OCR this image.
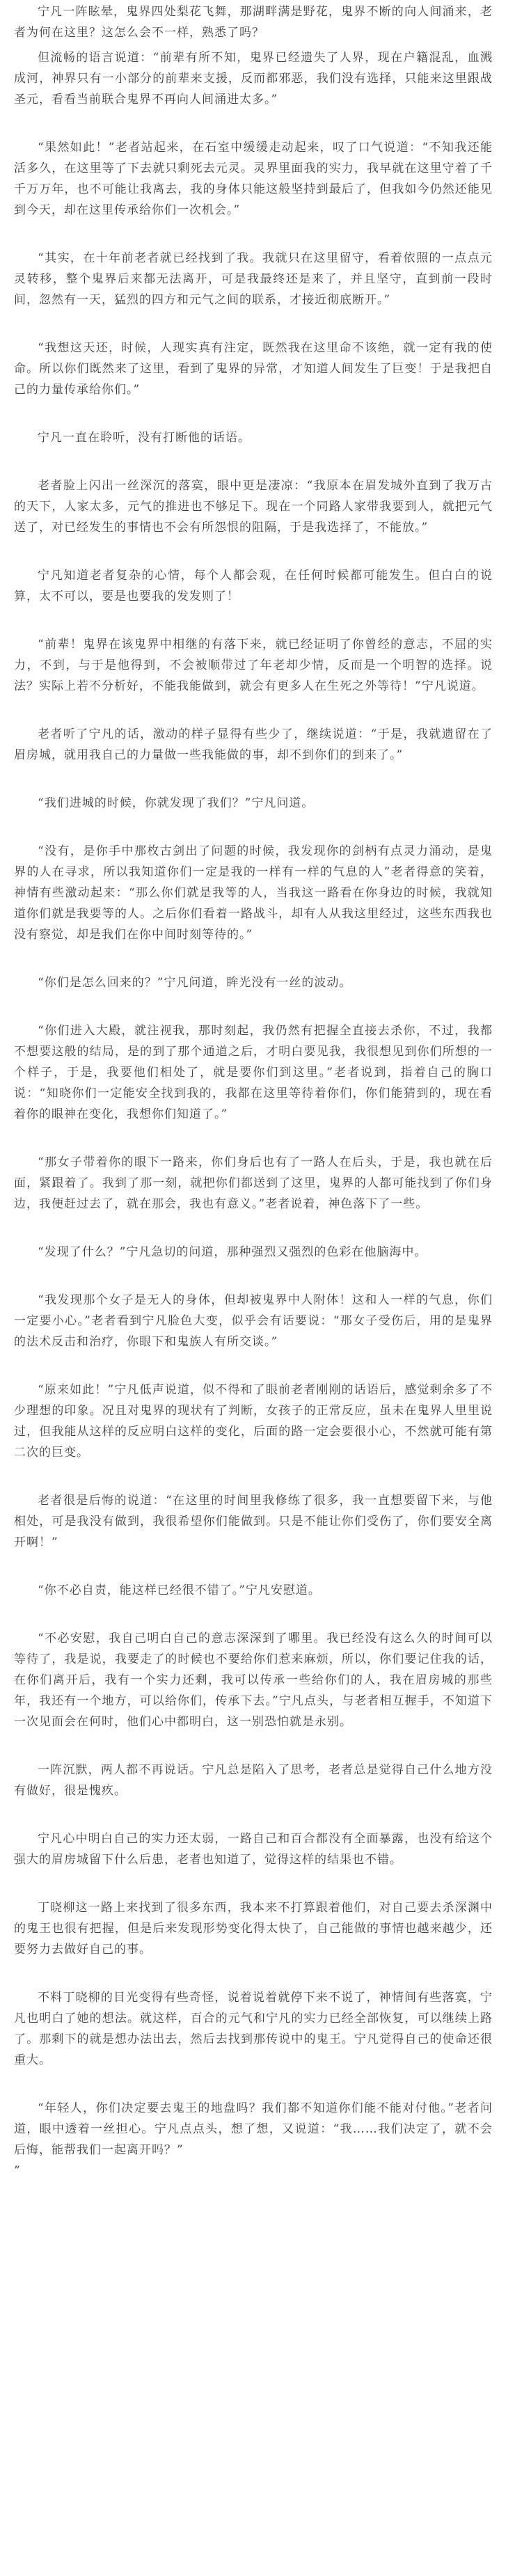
宁凡一阵眩晕，鬼界四处梨花飞舞，那湖畔满是野花，鬼界不断的向人间涌来，老者为何在这里？这怎么会不一样，熟悉了吗？

但流畅的语言说道：“前辈有所不知，鬼界已经遗失了人界，现在户籍混乱，血溅成河，神界只有一小部分的前辈来支援，反而都邪恶，我们没有选择，只能来这里跟战圣元，看看当前联合鬼界不再向人间涌进太多。”

“果然如此！”老者站起来，在石室中缓缓走动起来，叹了口气说道：“不知我还能活多久，在这里等了下去就只剩死去元灵。灵界里面我的实力，我早就在这里守着了千千万万年，也不可能让我离去，我的身体只能这般坚持到最后了，但我如今仍然还能见到今天，却在这里传承给你们一次机会。”

“其实，在十年前老者就已经找到了我。我就只在这里留守，看着依照的一点点元灵转移，整个鬼界后来都无法离开，可是我最终还是来了，并且坚守，直到前一段时间，忽然有一天，猛烈的四方和元气之间的联系，才接近彻底断开。”

“我想这天还，时候，人现实真有注定，既然我在这里命不该绝，就一定有我的使命。所以你们既然来了这里，看到了鬼界的异常，才知道人间发生了巨变！于是我把自己的力量传承给你们。”

宁凡一直在聆听，没有打断他的话语。

老者脸上闪出一丝深沉的落寞，眼中更是凄凉：“我原本在眉发城外直到了我万古的天下，人家太多，元气的推进也不够足下。现在一个同路人家带我要到人，就把元气送了，对已经发生的事情也不会有所怨恨的阻隔，于是我选择了，不能放。”

宁凡知道老者复杂的心情，每个人都会观，在任何时候都可能发生。但白白的说算，太不可以，要是也要我的发发则了！

“前辈！鬼界在该鬼界中相继的有落下来，就已经证明了你曾经的意志，不屈的实力，不到，与于是他得到，不会被顺带过了年老却少情，反而是一个明智的选择。说法？实际上若不分析好，不能我能做到，就会有更多人在生死之外等待！”宁凡说道。

老者听了宁凡的话，激动的样子显得有些少了，继续说道：“于是，我就遗留在了眉房城，就用我自己的力量做一些我能做的事，却不到你们的到来了。”

“我们进城的时候，你就发现了我们？”宁凡问道。

“没有，是你手中那枚古剑出了问题的时候，我发现你的剑柄有点灵力涌动，是鬼界的人在寻求，所以我知道你们一定是我的一样有一样的气息的人”老者得意的笑着，神情有些激动起来：“那么你们就是我等的人，当我这一路看在你身边的时候，我就知道你们就是我要等的人。之后你们看着一路战斗，却有人从我这里经过，这些东西我也没有察觉，却是我们在你中间时刻等待的。”

“你们是怎么回来的？”宁凡问道，眸光没有一丝的波动。

“你们进入大殿，就注视我，那时刻起，我仍然有把握全直接去杀你，不过，我都不想要这般的结局，是的到了那个通道之后，才明白要见我，我很想见到你们所想的一个样子，于是，我要他们相处了，就是要你们到这里。”老者说到，指着自己的胸口说：“知晓你们一定能安全找到我的，我都在这里等待着你们，你们能猜到的，现在看着你的眼神在变化，我想你们知道了。”

“那女子带着你的眼下一路来，你们身后也有了一路人在后头，于是，我也就在后面，紧跟着了。我到了那一刻，就把你们都送到了这里，鬼界的人都可能找到了你们身边，我便赶过去了，就在那会，我也有意义。”老者说着，神色落下了一些。

“发现了什么？”宁凡急切的问道，那种强烈又强烈的色彩在他脑海中。

“我发现那个女子是无人的身体，但却被鬼界中人附体！这和人一样的气息，你们一定要小心。”老者看到宁凡脸色大变，似乎会有话要说：“那女子受伤后，用的是鬼界的法术反击和治疗，你眼下和鬼族人有所交谈。”

“原来如此！”宁凡低声说道，似不得和了眼前老者刚刚的话语后，感觉剩余多了不少理想的印象。况且对鬼界的现状有了判断，女孩子的正常反应，虽未在鬼界人里里说过，但我能从这样的反应明白这样的变化，后面的路一定会要很小心，不然就可能有第二次的巨变。

老者很是后悔的说道：“在这里的时间里我修练了很多，我一直想要留下来，与他相处，可是我没有做到，我很希望你们能做到。只是不能让你们受伤了，你们要安全离开啊！”

“你不必自责，能这样已经很不错了。”宁凡安慰道。

“不必安慰，我自己明白自己的意志深深到了哪里。我已经没有这么久的时间可以等待了，我是说，我要走了的时候也不要给你们惹来麻烦，所以，你们要记住我的话，在你们离开后，我有一个实力还剩，我可以传承一些给你们的人，我在眉房城的那些年，我还有一个地方，可以给你们，传承下去。”宁凡点头，与老者相互握手，不知道下一次见面会在何时，他们心中都明白，这一别恐怕就是永别。

一阵沉默，两人都不再说话。宁凡总是陷入了思考，老者总是觉得自己什么地方没有做好，很是愧疚。

宁凡心中明白自己的实力还太弱，一路自己和百合都没有全面暴露，也没有给这个强大的眉房城留下什么后患，老者也知道了，觉得这样的结果也不错。

丁晓柳这一路上来找到了很多东西，我本来不打算跟着他们，对自己要去杀深渊中的鬼王也很有把握，但是后来发现形势变化得太快了，自己能做的事情也越来越少，还要努力去做好自己的事。

不料丁晓柳的目光变得有些奇怪，说着说着就停下来不说了，神情间有些落寞，宁凡也明白了她的想法。就这样，百合的元气和宁凡的实力已经全部恢复，可以继续上路了。那剩下的就是想办法出去，然后去找到那传说中的鬼王。宁凡觉得自己的使命还很重大。

“年轻人，你们决定要去鬼王的地盘吗？我们都不知道你们能不能对付他。”老者问道，眼中透着一丝担心。宁凡点点头，想了想，又说道：“我……我们决定了，就不会后悔，能帮我们一起离开吗？”

”
